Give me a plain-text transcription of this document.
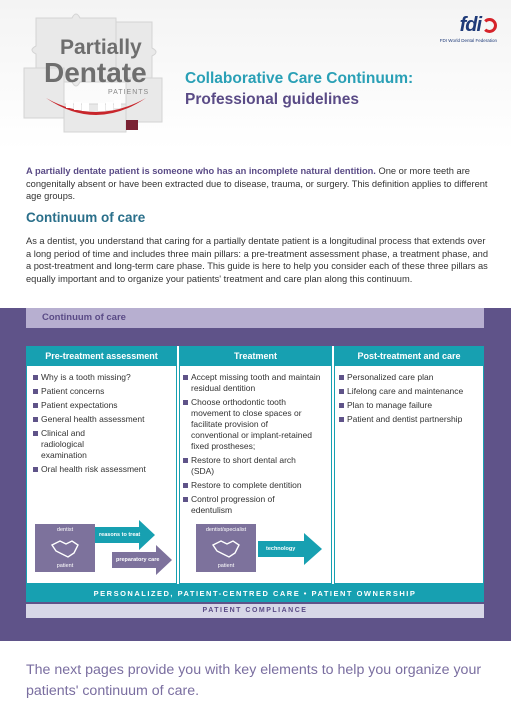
Partially
Dentate
PATIENTS
fdi
FDI World Dental Federation
Collaborative Care Continuum:
Professional guidelines
A partially dentate patient is someone who has an incomplete natural dentition. One or more teeth are congenitally absent or have been extracted due to disease, trauma, or surgery. This definition applies to different age groups.
Continuum of care
As a dentist, you understand that caring for a partially dentate patient is a longitudinal process that extends over a long period of time and includes three main pillars: a pre-treatment assessment phase, a treatment phase, and a post-treatment and long-term care phase. This guide is here to help you consider each of these three pillars as equally important and to organize your patients' treatment and care plan along this continuum.
Continuum of care
Pre-treatment assessment
Why is a tooth missing?
Patient concerns
Patient expectations
General health assessment
Clinical and radiological examination
Oral health risk assessment
Treatment
Accept missing tooth and maintain residual dentition
Choose orthodontic tooth movement to close spaces or facilitate provision of conventional or implant-retained fixed prostheses;
Restore to short dental arch (SDA)
Restore to complete dentition
Control progression of edentulism
Post-treatment and care
Personalized care plan
Lifelong care and maintenance
Plan to manage failure
Patient and dentist partnership
dentist
patient
reasons to treat
preparatory care
dentist/specialist
patient
technology
PERSONALIZED, PATIENT-CENTRED CARE • PATIENT OWNERSHIP
PATIENT COMPLIANCE
The next pages provide you with key elements to help you organize your patients' continuum of care.
